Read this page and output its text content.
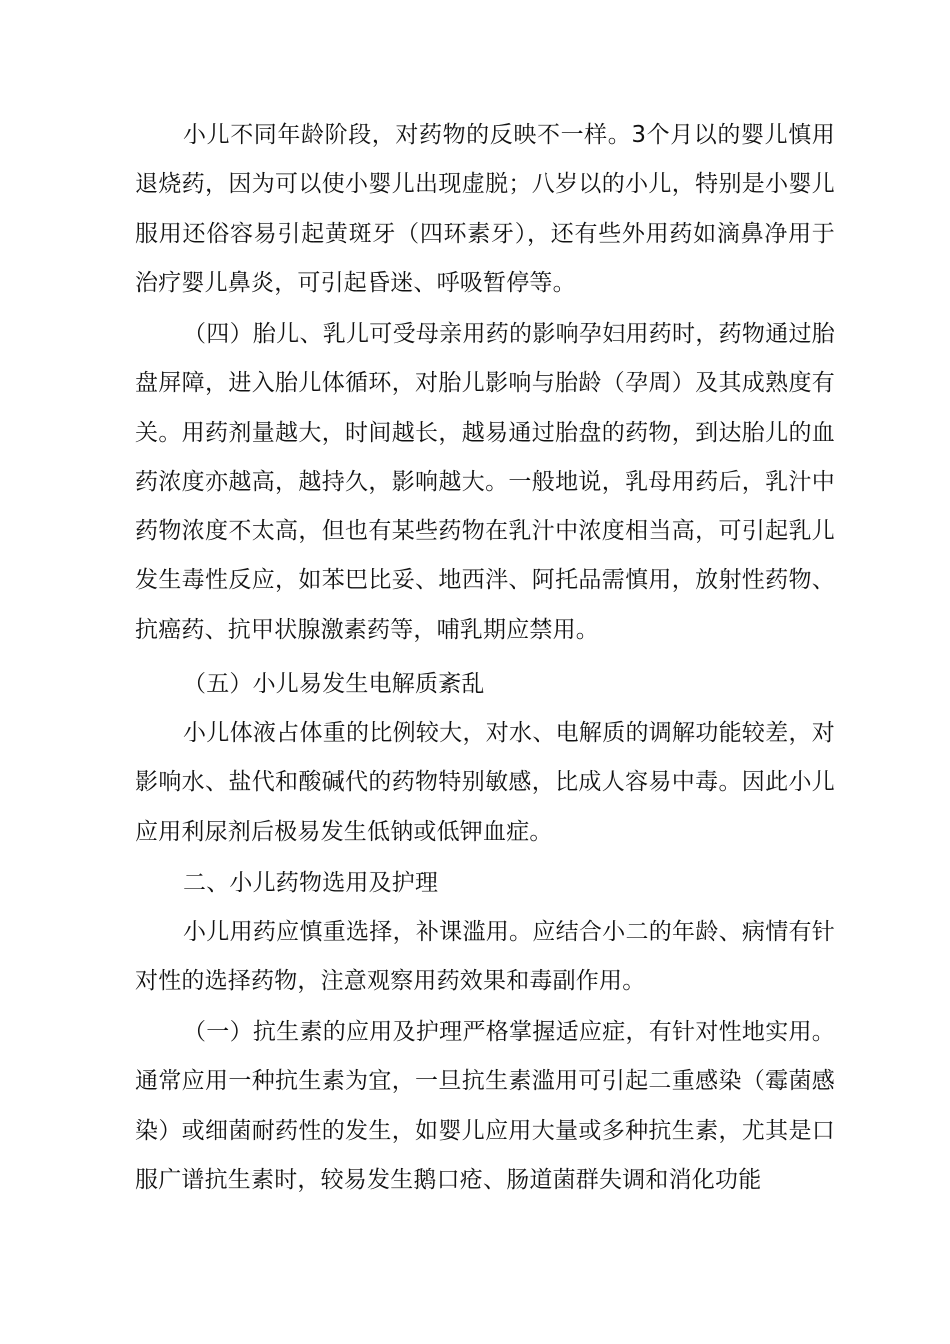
小儿不同年龄阶段，对药物的反映不一样。3个月以的婴儿慎用退烧药，因为可以使小婴儿出现虚脱；八岁以的小儿，特别是小婴儿服用还俗容易引起黄斑牙（四环素牙），还有些外用药如滴鼻净用于治疗婴儿鼻炎，可引起昏迷、呼吸暂停等。

（四）胎儿、乳儿可受母亲用药的影响孕妇用药时，药物通过胎盘屏障，进入胎儿体循环，对胎儿影响与胎龄（孕周）及其成熟度有关。用药剂量越大，时间越长，越易通过胎盘的药物，到达胎儿的血药浓度亦越高，越持久，影响越大。一般地说，乳母用药后，乳汁中药物浓度不太高，但也有某些药物在乳汁中浓度相当高，可引起乳儿发生毒性反应，如苯巴比妥、地西泮、阿托品需慎用，放射性药物、抗癌药、抗甲状腺激素药等，哺乳期应禁用。

（五）小儿易发生电解质紊乱

小儿体液占体重的比例较大，对水、电解质的调解功能较差，对影响水、盐代和酸碱代的药物特别敏感，比成人容易中毒。因此小儿应用利尿剂后极易发生低钠或低钾血症。

二、小儿药物选用及护理

小儿用药应慎重选择，补课滥用。应结合小二的年龄、病情有针对性的选择药物，注意观察用药效果和毒副作用。

（一）抗生素的应用及护理严格掌握适应症，有针对性地实用。通常应用一种抗生素为宜，一旦抗生素滥用可引起二重感染（霉菌感染）或细菌耐药性的发生，如婴儿应用大量或多种抗生素，尤其是口服广谱抗生素时，较易发生鹅口疮、肠道菌群失调和消化功能
